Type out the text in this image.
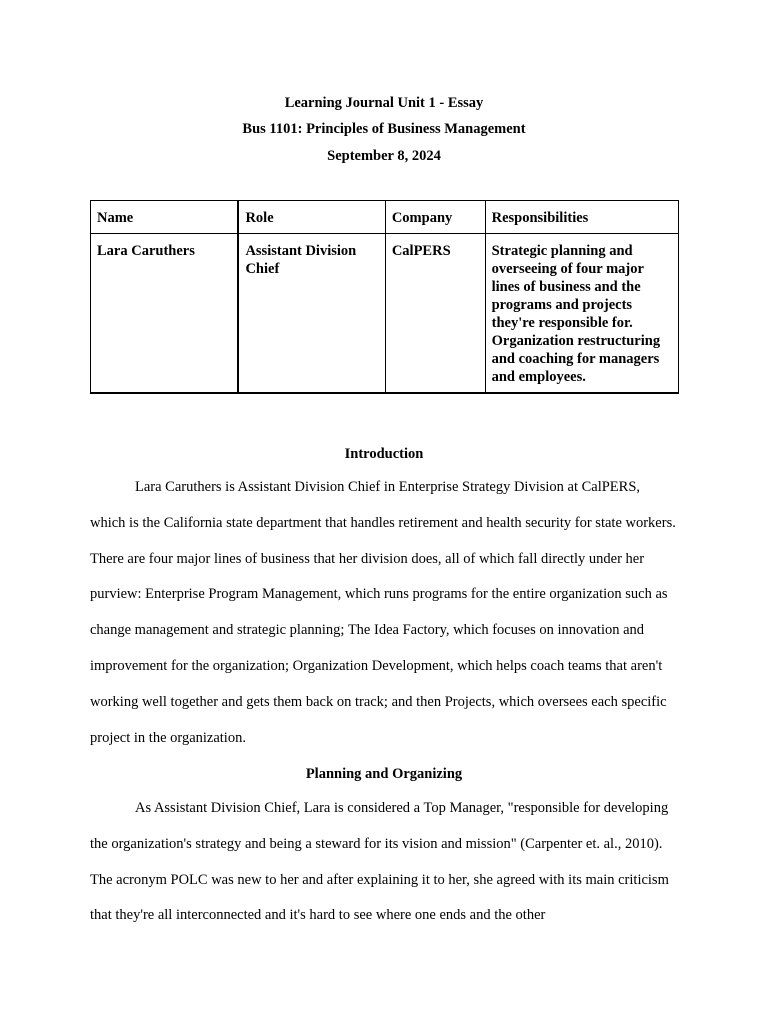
Learning Journal Unit 1 - Essay
Bus 1101: Principles of Business Management
September 8, 2024
Name	Role	Company	Responsibilities
Lara Caruthers	Assistant Division Chief	CalPERS	Strategic planning and overseeing of four major lines of business and the programs and projects they're responsible for. Organization restructuring and coaching for managers and employees.
Introduction

Lara Caruthers is Assistant Division Chief in Enterprise Strategy Division at CalPERS, which is the California state department that handles retirement and health security for state workers. There are four major lines of business that her division does, all of which fall directly under her purview: Enterprise Program Management, which runs programs for the entire organization such as change management and strategic planning; The Idea Factory, which focuses on innovation and improvement for the organization; Organization Development, which helps coach teams that aren't working well together and gets them back on track; and then Projects, which oversees each specific project in the organization.

Planning and Organizing

As Assistant Division Chief, Lara is considered a Top Manager, "responsible for developing the organization's strategy and being a steward for its vision and mission" (Carpenter et. al., 2010). The acronym POLC was new to her and after explaining it to her, she agreed with its main criticism that they're all interconnected and it's hard to see where one ends and the other
